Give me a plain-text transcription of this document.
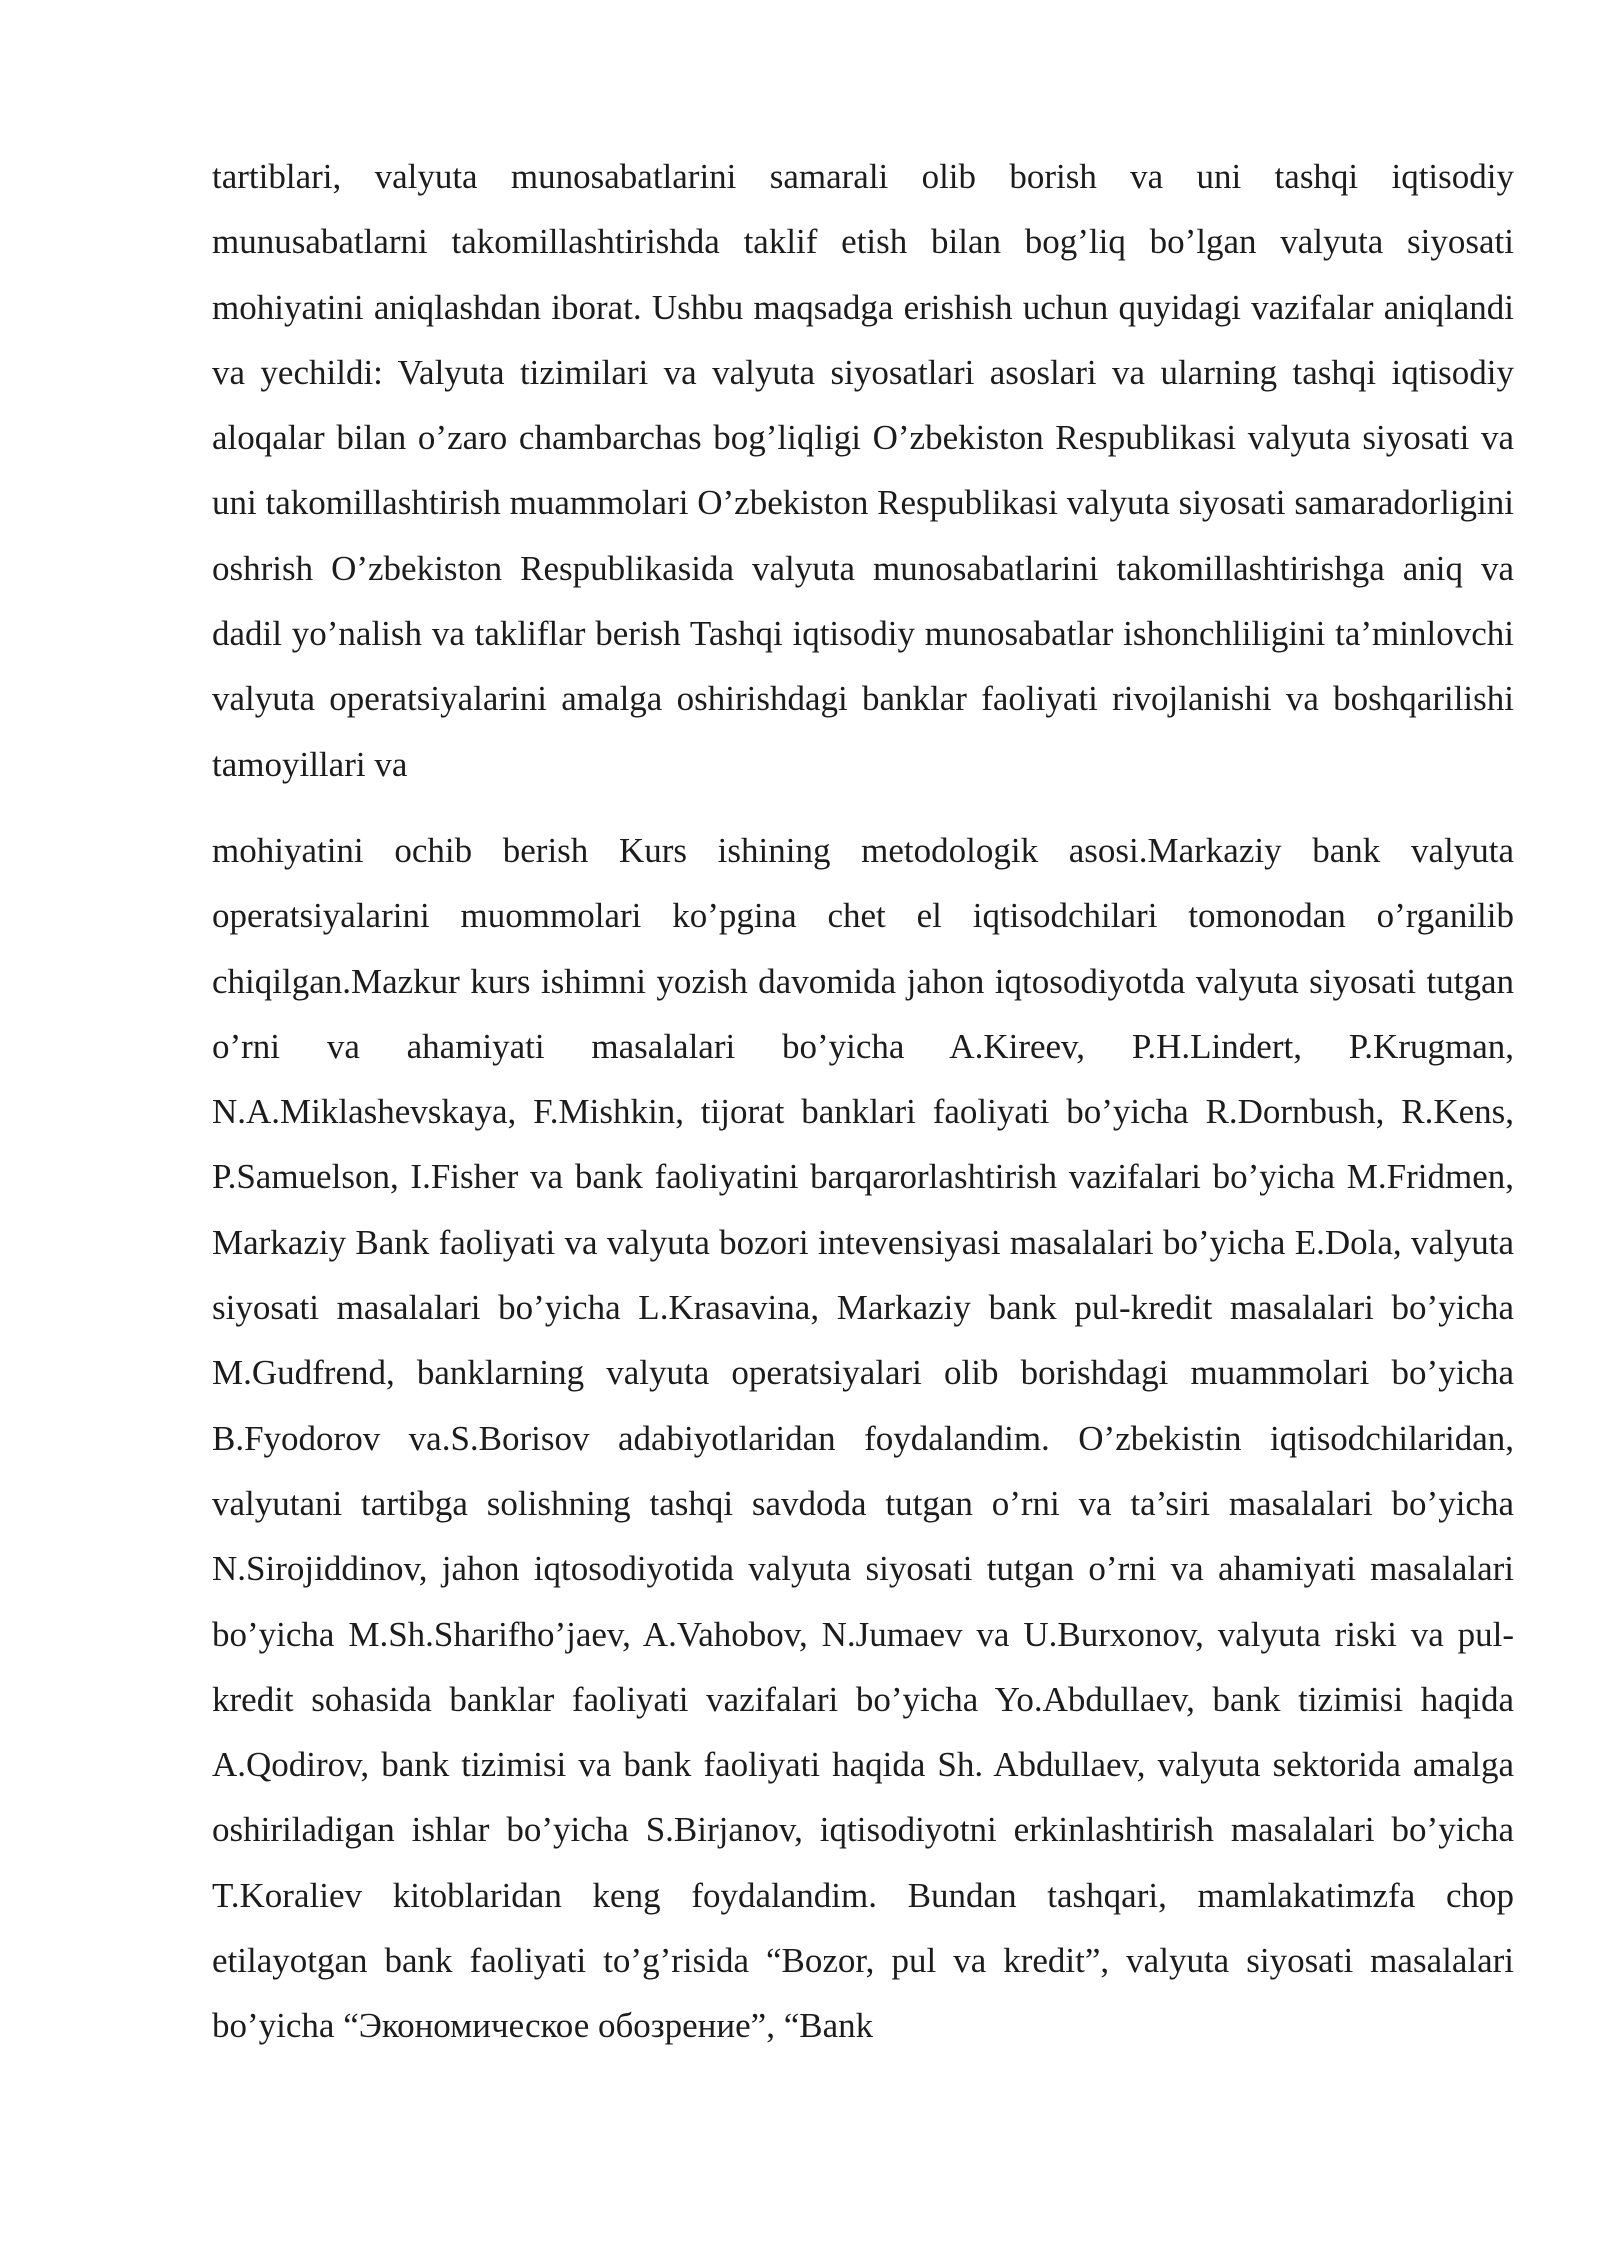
tartiblari, valyuta munosabatlarini samarali olib borish va uni tashqi iqtisodiy munusabatlarni takomillashtirishda taklif etish bilan bog’liq bo’lgan valyuta siyosati mohiyatini aniqlashdan iborat. Ushbu maqsadga erishish uchun quyidagi vazifalar aniqlandi va yechildi: Valyuta tizimilari va valyuta siyosatlari asoslari va ularning tashqi iqtisodiy aloqalar bilan o’zaro chambarchas bog’liqligi O’zbekiston Respublikasi valyuta siyosati va uni takomillashtirish muammolari O’zbekiston Respublikasi valyuta siyosati samaradorligini oshrish O’zbekiston Respublikasida valyuta munosabatlarini takomillashtirishga aniq va dadil yo’nalish va takliflar berish Tashqi iqtisodiy munosabatlar ishonchliligini ta’minlovchi valyuta operatsiyalarini amalga oshirishdagi banklar faoliyati rivojlanishi va boshqarilishi tamoyillari va

mohiyatini ochib berish Kurs ishining metodologik asosi.Markaziy bank valyuta operatsiyalarini muommolari ko’pgina chet el iqtisodchilari tomonodan o’rganilib chiqilgan.Mazkur kurs ishimni yozish davomida jahon iqtosodiyotda valyuta siyosati tutgan o’rni va ahamiyati masalalari bo’yicha A.Kireev, P.H.Lindert, P.Krugman, N.A.Miklashevskaya, F.Mishkin, tijorat banklari faoliyati bo’yicha R.Dornbush, R.Kens, P.Samuelson, I.Fisher va bank faoliyatini barqarorlashtirish vazifalari bo’yicha M.Fridmen, Markaziy Bank faoliyati va valyuta bozori intevensiyasi masalalari bo’yicha E.Dola, valyuta siyosati masalalari bo’yicha L.Krasavina, Markaziy bank pul-kredit masalalari bo’yicha M.Gudfrend, banklarning valyuta operatsiyalari olib borishdagi muammolari bo’yicha B.Fyodorov va.S.Borisov adabiyotlaridan foydalandim. O’zbekistin iqtisodchilaridan, valyutani tartibga solishning tashqi savdoda tutgan o’rni va ta’siri masalalari bo’yicha N.Sirojiddinov, jahon iqtosodiyotida valyuta siyosati tutgan o’rni va ahamiyati masalalari bo’yicha M.Sh.Sharifho’jaev, A.Vahobov, N.Jumaev va U.Burxonov, valyuta riski va pul-kredit sohasida banklar faoliyati vazifalari bo’yicha Yo.Abdullaev, bank tizimisi haqida A.Qodirov, bank tizimisi va bank faoliyati haqida Sh. Abdullaev, valyuta sektorida amalga oshiriladigan ishlar bo’yicha S.Birjanov, iqtisodiyotni erkinlashtirish masalalari bo’yicha T.Koraliev kitoblaridan keng foydalandim. Bundan tashqari, mamlakatimzfa chop etilayotgan bank faoliyati to’g’risida “Bozor, pul va kredit”, valyuta siyosati masalalari bo’yicha “Экономическое обозрение”, “Bank
